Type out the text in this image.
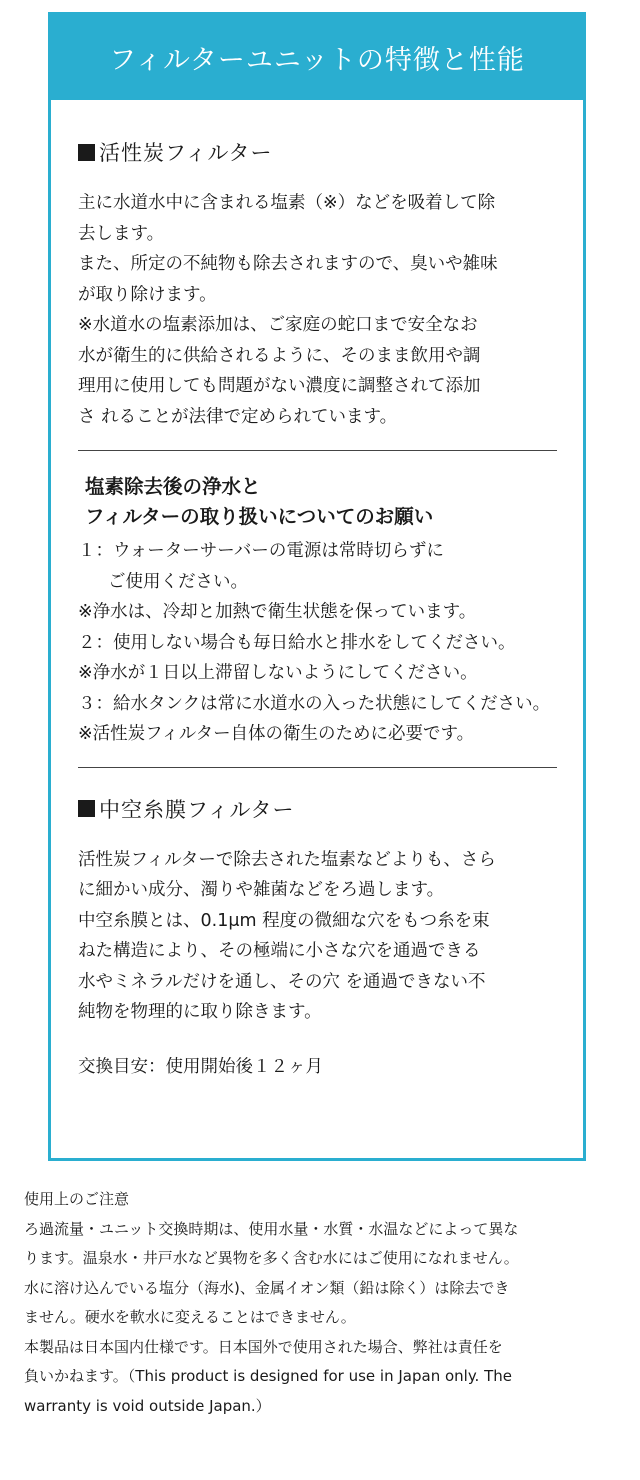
フィルターユニットの特徴と性能
活性炭フィルター

主に水道水中に含まれる塩素（※）などを吸着して除

去します。

また、所定の不純物も除去されますので、臭いや雑味

が取り除けます。

※水道水の塩素添加は、ご家庭の蛇口まで安全なお

水が衛生的に供給されるように、そのまま飲用や調

理用に使用しても問題がない濃度に調整されて添加

さ れることが法律で定められています。

塩素除去後の浄水と

フィルターの取り扱いについてのお願い

１：ウォーターサーバーの電源は常時切らずに
ご使用ください。
※浄水は、冷却と加熱で衛生状態を保っています。
２：使用しない場合も毎日給水と排水をしてください。
※浄水が１日以上滞留しないようにしてください。
３：給水タンクは常に水道水の入った状態にしてください。
※活性炭フィルター自体の衛生のために必要です。
中空糸膜フィルター

活性炭フィルターで除去された塩素などよりも、さら

に細かい成分、濁りや雑菌などをろ過します。

中空糸膜とは、0.1μm 程度の微細な穴をもつ糸を束

ねた構造により、その極端に小さな穴を通過できる

水やミネラルだけを通し、その穴 を通過できない不

純物を物理的に取り除きます。

交換目安：使用開始後１２ヶ月

使用上のご注意

ろ過流量・ユニット交換時期は、使用水量・水質・水温などによって異な

ります。温泉水・井戸水など異物を多く含む水にはご使用になれません。

水に溶け込んでいる塩分（海水)、金属イオン類（鉛は除く）は除去でき

ません。硬水を軟水に変えることはできません。

本製品は日本国内仕様です。日本国外で使用された場合、弊社は責任を

負いかねます。（This product is designed for use in Japan only. The

warranty is void outside Japan.）
